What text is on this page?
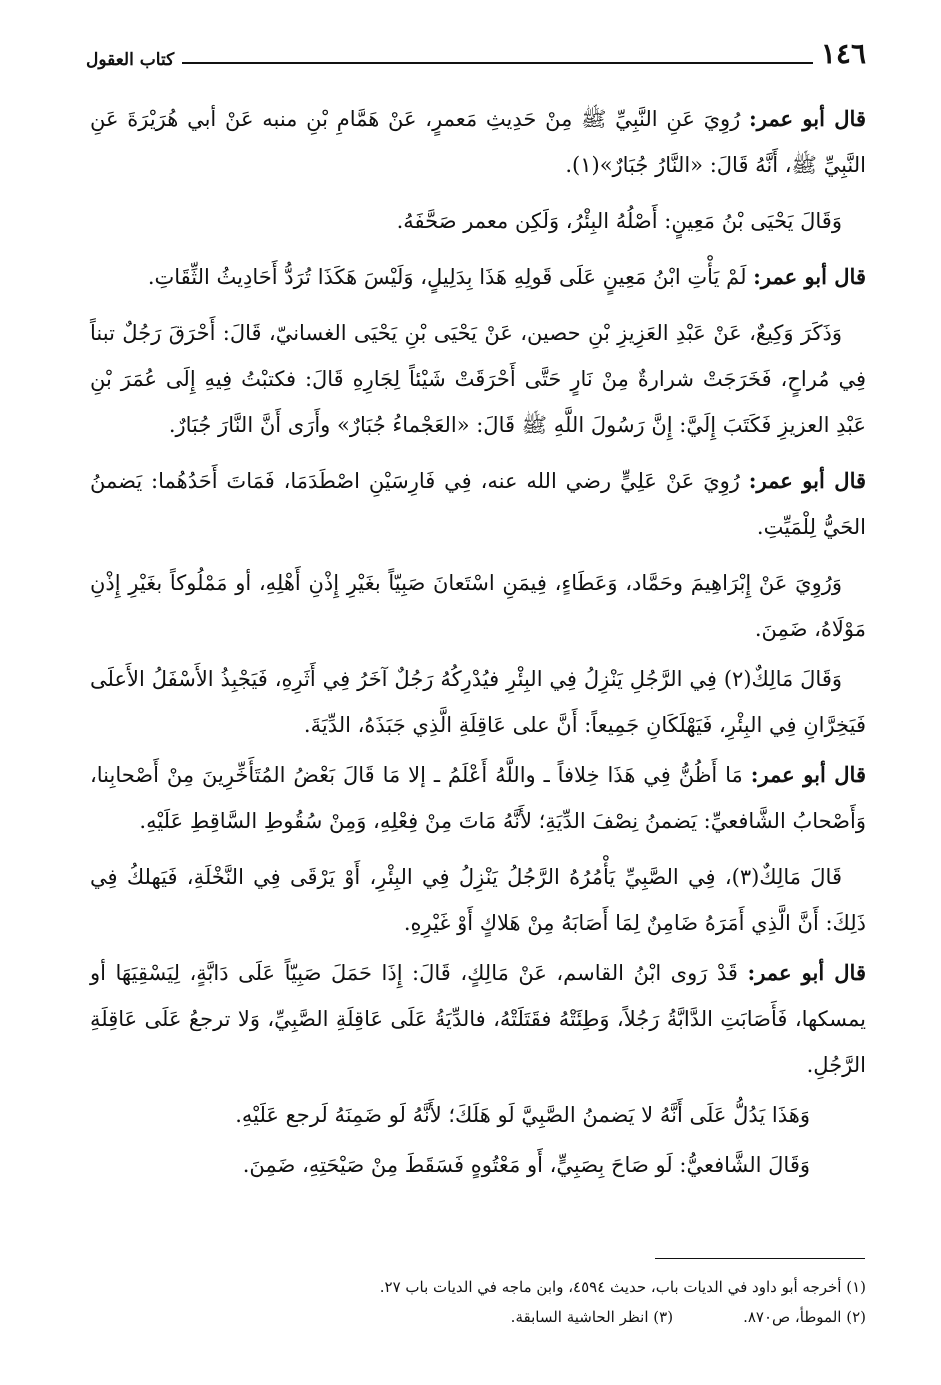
١٤٦
كتاب العقول

قال أبو عمر: رُوِيَ عَنِ النَّبِيِّ ﷺ مِنْ حَدِيثِ مَعمرٍ، عَنْ هَمَّامِ بْنِ منبه عَنْ أبي هُرَيْرَةَ عَنِ النَّبِيِّ ﷺ، أَنَّهُ قَالَ: «النَّارُ جُبَارٌ»(١).

وَقَالَ يَحْيَى بْنُ مَعِينٍ: أَصْلُهُ البِئْرُ، وَلَكِن معمر صَحَّفَهُ.

قال أبو عمر: لَمْ يَأْتِ ابْنُ مَعِينٍ عَلَى قَولِهِ هَذَا بِدَلِيلٍ، وَلَيْسَ هَكَذَا تُرَدُّ أَحَادِيثُ الثِّقَاتِ.

وَذَكَرَ وَكِيعٌ، عَنْ عَبْدِ العَزِيزِ بْنِ حصين، عَنْ يَحْيَى بْنِ يَحْيَى الغسانيّ، قَالَ: أَحْرَقَ رَجُلٌ تبناً فِي مُراحٍ، فَخَرَجَتْ شرارةٌ مِنْ نَارٍ حَتَّى أَحْرَقَتْ شَيْئاً لِجَارِهِ قَالَ: فكتبْتُ فِيهِ إِلَى عُمَرَ بْنِ عَبْدِ العزيزِ فَكَتَبَ إِلَيَّ: إِنَّ رَسُولَ اللَّهِ ﷺ قَالَ: «العَجْماءُ جُبَارٌ» وأَرَى أَنَّ النَّارَ جُبَارٌ.

قال أبو عمر: رُوِيَ عَنْ عَلِيٍّ رضي الله عنه، فِي فَارِسَيْنِ اصْطَدَمَا، فَمَاتَ أَحَدُهُما: يَضمنُ الحَيُّ لِلْمَيِّتِ.

وَرُوِيَ عَنْ إِبْرَاهِيمَ وحَمَّاد، وَعَطَاءٍ، فِيمَنِ اسْتَعانَ صَبِيّاً بغَيْرِ إِذْنِ أَهْلِهِ، أو مَمْلُوكاً بغَيْرِ إِذْنِ مَوْلَاهُ، ضَمِنَ.

وَقَالَ مَالِكٌ(٢) فِي الرَّجُلِ يَنْزِلُ فِي البِئْرِ فيُدْرِكُهُ رَجُلٌ آخَرُ فِي أَثَرِهِ، فَيَجْبِذُ الأَسْفَلُ الأَعلَى فَيَخِرَّانِ فِي البِئْرِ، فَيَهْلَكَانِ جَمِيعاً: أَنَّ على عَاقِلَةِ الَّذِي جَبَذَهُ، الدِّيَةَ.

قال أبو عمر: مَا أَظُنُّ فِي هَذَا خِلافاً ـ واللَّهُ أَعْلَمُ ـ إلا مَا قَالَ بَعْضُ المُتَأَخِّرِينَ مِنْ أَصْحابِنا، وَأَصْحابُ الشَّافعيِّ: يَضمنُ نِصْفَ الدِّيَةِ؛ لأَنَّهُ مَاتَ مِنْ فِعْلِهِ، وَمِنْ سُقُوطِ السَّاقِطِ عَلَيْهِ.

قَالَ مَالِكٌ(٣)، فِي الصَّبِيِّ يَأْمُرُهُ الرَّجُلُ يَنْزِلُ فِي البِئْرِ، أَوْ يَرْقَى فِي النَّخْلَةِ، فَيَهلكُ فِي ذَلِكَ: أَنَّ الَّذِي أَمَرَهُ ضَامِنٌ لِمَا أَصَابَهُ مِنْ هَلاكٍ أَوْ غَيْرِهِ.

قال أبو عمر: قَدْ رَوى ابْنُ القاسم، عَنْ مَالِكٍ، قَالَ: إِذَا حَمَلَ صَبِيّاً عَلَى دَابَّةٍ، لِيَسْقِيَهَا أو يمسكها، فَأَصَابَتِ الدَّابَّةُ رَجُلاً، وَطِئَتْهُ فقَتَلَتْهُ، فالدِّيَةُ عَلَى عَاقِلَةِ الصَّبِيِّ، وَلا ترجعُ عَلَى عَاقِلَةِ الرَّجُلِ.

وَهَذَا يَدُلُّ عَلَى أَنَّهُ لا يَضمنُ الصَّبِيَّ لَو هَلَكَ؛ لأَنَّهُ لَو ضَمِنَهُ لَرجع عَلَيْهِ.

وَقَالَ الشَّافعيُّ: لَو صَاحَ بِصَبِيٍّ، أَو مَعْتُوهٍ فَسَقَطَ مِنْ صَيْحَتِهِ، ضَمِنَ.

(١) أخرجه أبو داود في الديات باب، حديث ٤٥٩٤، وابن ماجه في الديات باب ٢٧.
(٢) الموطأ، ص٨٧٠.
(٣) انظر الحاشية السابقة.
